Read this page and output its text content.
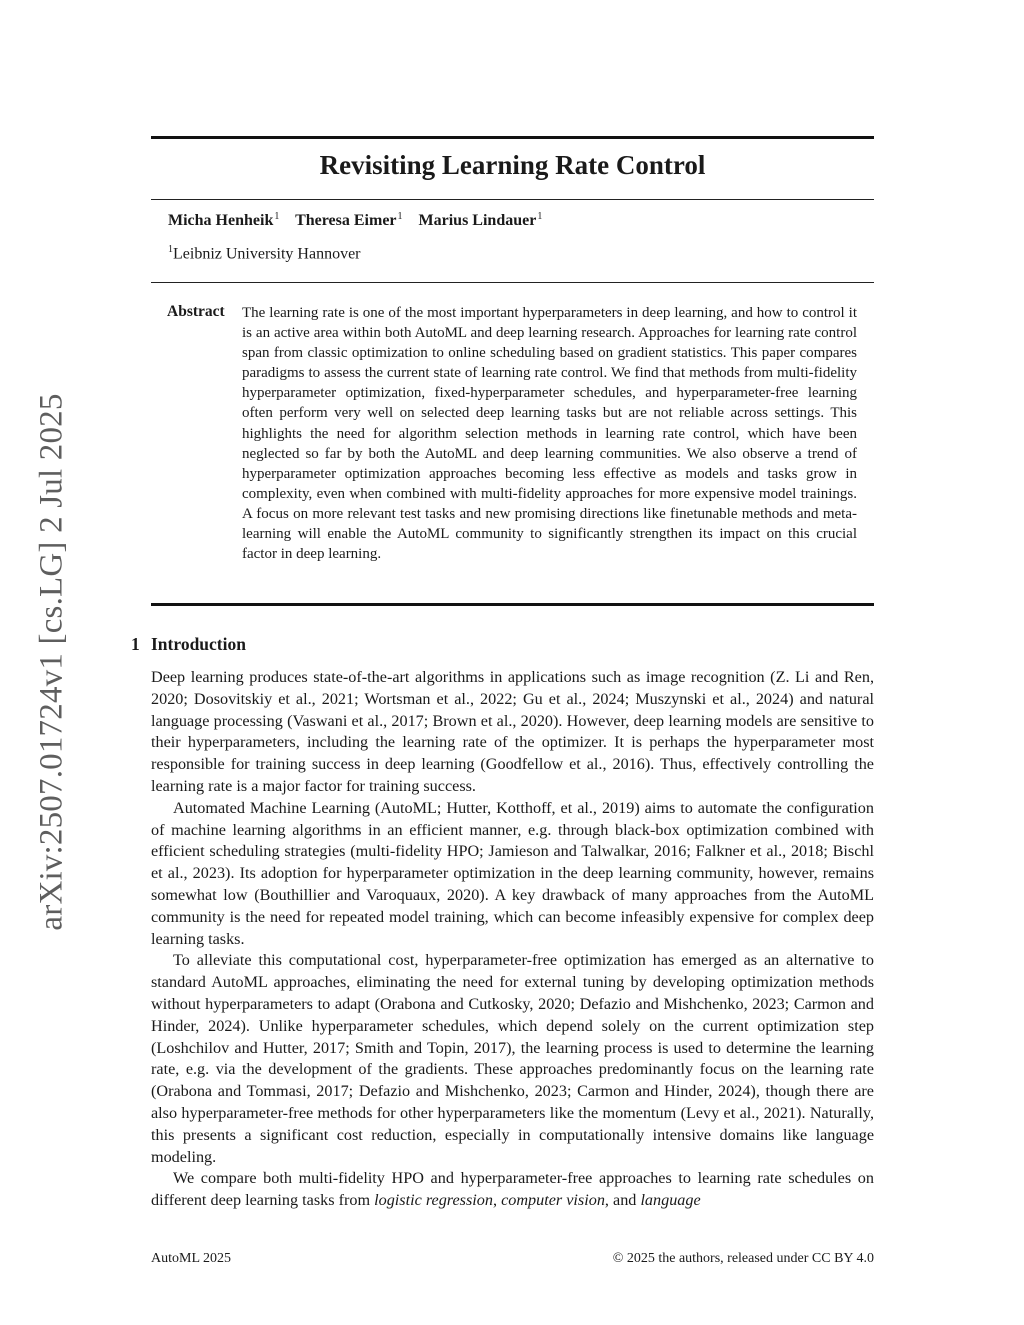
arXiv:2507.01724v1 [cs.LG] 2 Jul 2025
Revisiting Learning Rate Control
Micha Henheik$^1$ Theresa Eimer$^1$ Marius Lindauer$^1$
$^1$Leibniz University Hannover
Abstract The learning rate is one of the most important hyperparameters in deep learning, and how to control it is an active area within both AutoML and deep learning research. Approaches for learning rate control span from classic optimization to online scheduling based on gradient statistics. This paper compares paradigms to assess the current state of learning rate control. We find that methods from multi-fidelity hyperparameter optimization, fixed-hyperparameter schedules, and hyperparameter-free learning often perform very well on selected deep learning tasks but are not reliable across settings. This highlights the need for algorithm selection methods in learning rate control, which have been neglected so far by both the AutoML and deep learning communities. We also observe a trend of hyperparameter optimization approaches becoming less effective as models and tasks grow in complexity, even when combined with multi-fidelity approaches for more expensive model trainings. A focus on more relevant test tasks and new promising directions like finetunable methods and meta-learning will enable the AutoML community to significantly strengthen its impact on this crucial factor in deep learning.

1 Introduction

Deep learning produces state-of-the-art algorithms in applications such as image recognition (Z. Li and Ren, 2020; Dosovitskiy et al., 2021; Wortsman et al., 2022; Gu et al., 2024; Muszynski et al., 2024) and natural language processing (Vaswani et al., 2017; Brown et al., 2020). However, deep learning models are sensitive to their hyperparameters, including the learning rate of the optimizer. It is perhaps the hyperparameter most responsible for training success in deep learning (Goodfellow et al., 2016). Thus, effectively controlling the learning rate is a major factor for training success.

Automated Machine Learning (AutoML; Hutter, Kotthoff, et al., 2019) aims to automate the configuration of machine learning algorithms in an efficient manner, e.g. through black-box optimization combined with efficient scheduling strategies (multi-fidelity HPO; Jamieson and Talwalkar, 2016; Falkner et al., 2018; Bischl et al., 2023). Its adoption for hyperparameter optimization in the deep learning community, however, remains somewhat low (Bouthillier and Varoquaux, 2020). A key drawback of many approaches from the AutoML community is the need for repeated model training, which can become infeasibly expensive for complex deep learning tasks.

To alleviate this computational cost, hyperparameter-free optimization has emerged as an alternative to standard AutoML approaches, eliminating the need for external tuning by developing optimization methods without hyperparameters to adapt (Orabona and Cutkosky, 2020; Defazio and Mishchenko, 2023; Carmon and Hinder, 2024). Unlike hyperparameter schedules, which depend solely on the current optimization step (Loshchilov and Hutter, 2017; Smith and Topin, 2017), the learning process is used to determine the learning rate, e.g. via the development of the gradients. These approaches predominantly focus on the learning rate (Orabona and Tommasi, 2017; Defazio and Mishchenko, 2023; Carmon and Hinder, 2024), though there are also hyperparameter-free methods for other hyperparameters like the momentum (Levy et al., 2021). Naturally, this presents a significant cost reduction, especially in computationally intensive domains like language modeling.

We compare both multi-fidelity HPO and hyperparameter-free approaches to learning rate schedules on different deep learning tasks from logistic regression, computer vision, and language

AutoML 2025	© 2025 the authors, released under CC BY 4.0
